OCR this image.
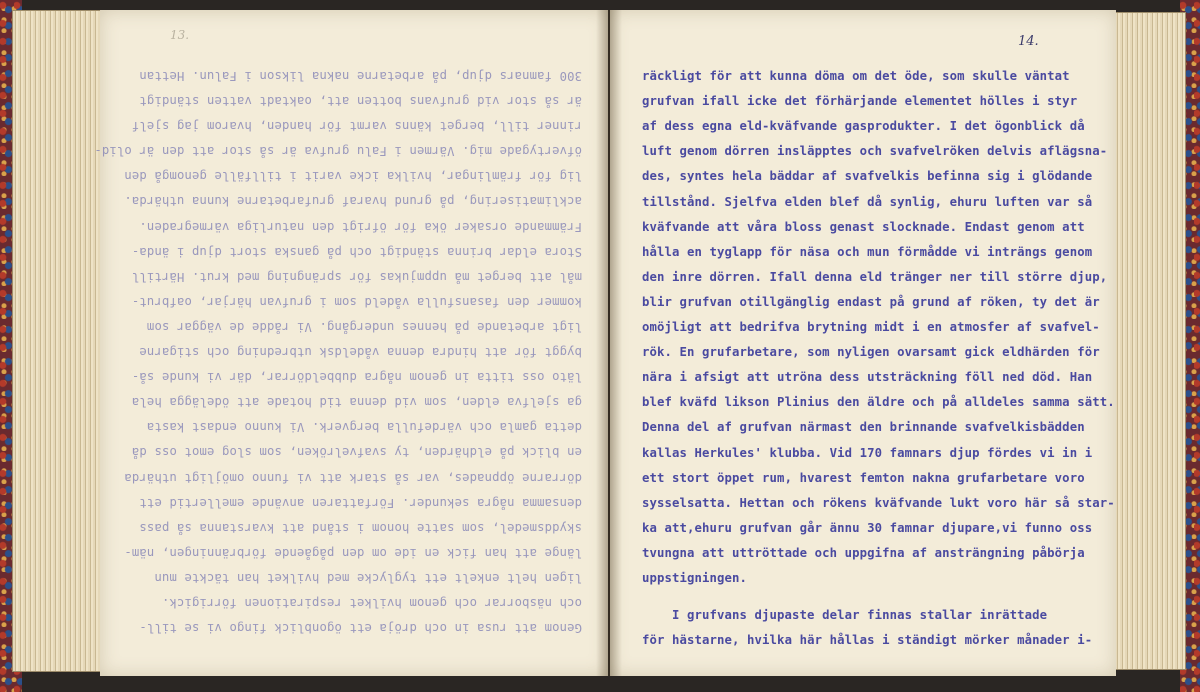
13.
300 famnars djup, på arbetarne nakna likson i Falun. Hettan
är så stor vid grufvans botten att, oaktadt vatten ständigt
rinner till, berget känns varmt för handen, hvarom jag sjelf
öfvertygade mig. Värmen i Falu grufva är så stor att den är olid-
lig för främlingar, hvilka icke varit i tillfälle genomgå den
acklimatisering, på grund hvaraf grufarbetarne kunna uthärda.
Främmande orsaker öka för öfrigt den naturliga värmegraden.
Stora eldar brinna ständigt och på ganska stort djup i ända-
mål att berget må uppmjukas för sprängning med krut. Härtill
kommer den fasansfulla vådeld som i grufvan härjar, oafbrut-
ligt arbetande på hennes undergång. Vi rådde de väggar som
byggt för att hindra denna vådeldsk utbredning och stigarne
läto oss titta in genom några dubbeldörrar, där vi kunde så-
ga sjelfva elden, som vid denna tid hotade att ödelägga hela
detta gamla och värdefulla bergverk. Vi kunno endast kasta
en blick på eldhärden, ty svafvelröken, som slog emot oss då
dörrarne öppnades, var så stark att vi funno omöjligt uthärda
densamma några sekunder. Författaren använde emellertid ett
skyddsmedel, som satte honom i stånd att kvarstanna så pass
länge att han fick en ide om den pågående förbränningen, näm-
ligen helt enkelt ett tyglycke med hvilket han täckte mun
och näsborrar och genom hvilket respirationen förrigick.
Genom att rusa in och dröja ett ögonblick fingo vi se till-
14.
räckligt för att kunna döma om det öde, som skulle väntat
grufvan ifall icke det förhärjande elementet hölles i styr
af dess egna eld-kväfvande gasprodukter. I det ögonblick då
luft genom dörren insläpptes och svafvelröken delvis aflägsna-
des, syntes hela bäddar af svafvelkis befinna sig i glödande
tillstånd. Sjelfva elden blef då synlig, ehuru luften var så
kväfvande att våra bloss genast slocknade. Endast genom att
hålla en tyglapp för näsa och mun förmådde vi inträngs genom
den inre dörren. Ifall denna eld tränger ner till större djup,
blir grufvan otillgänglig endast på grund af röken, ty det är
omöjligt att bedrifva brytning midt i en atmosfer af svafvel-
rök. En grufarbetare, som nyligen ovarsamt gick eldhärden för
nära i afsigt att utröna dess utsträckning föll ned död. Han
blef kväfd likson Plinius den äldre och på alldeles samma sätt.
Denna del af grufvan närmast den brinnande svafvelkisbädden
kallas Herkules' klubba. Vid 170 famnars djup fördes vi in i
ett stort öppet rum, hvarest femton nakna grufarbetare voro
sysselsatta. Hettan och rökens kväfvande lukt voro här så star-
ka att,ehuru grufvan går ännu 30 famnar djupare,vi funno oss
tvungna att uttröttade och uppgifna af ansträngning påbörja
uppstigningen.
I grufvans djupaste delar finnas stallar inrättade
för hästarne, hvilka här hållas i ständigt mörker månader i-
